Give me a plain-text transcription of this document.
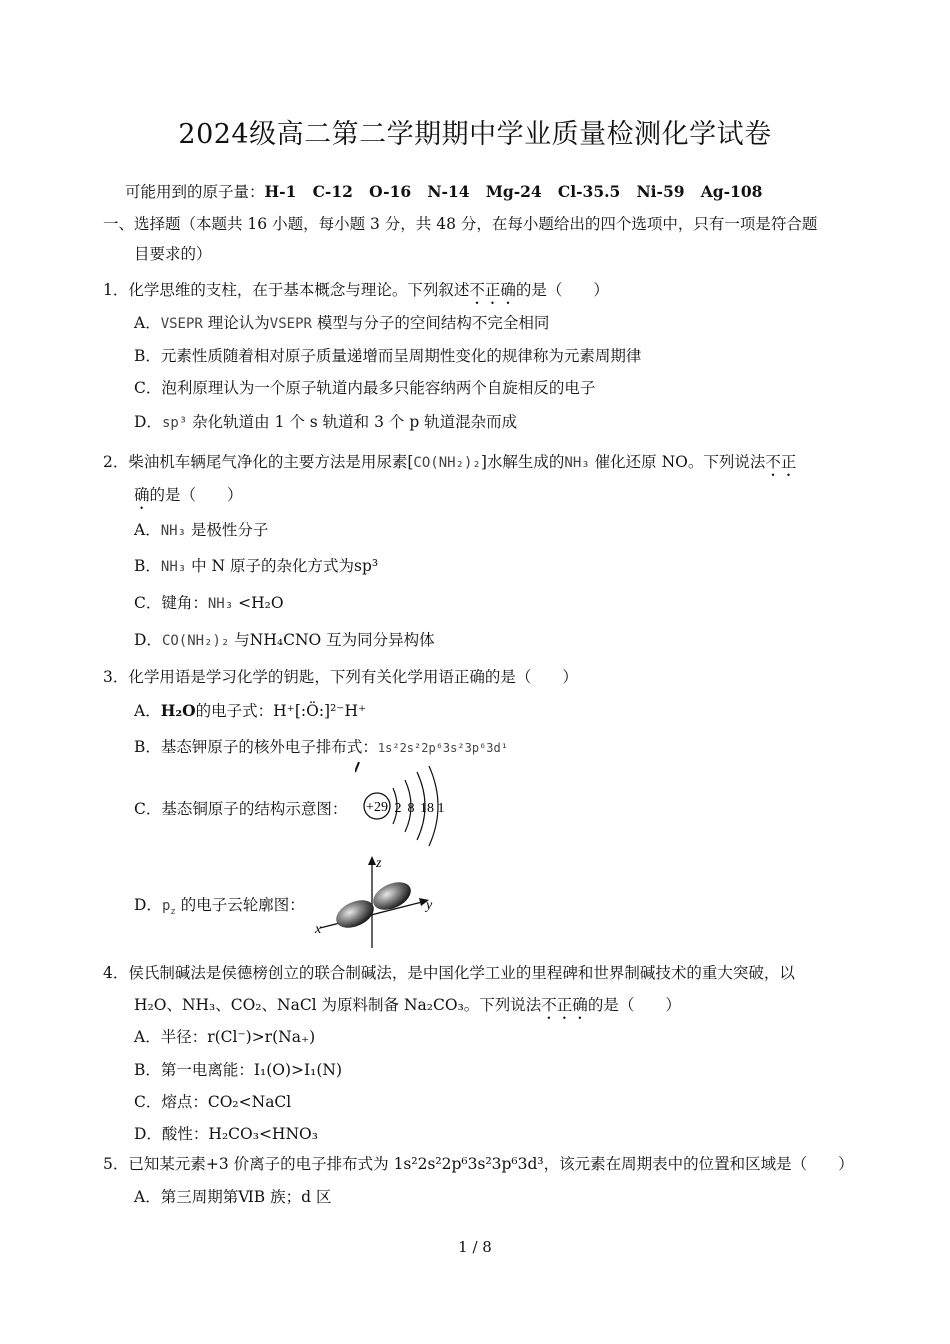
2024级高二第二学期期中学业质量检测化学试卷
可能用到的原子量：H-1   C-12   O-16   N-14   Mg-24   Cl-35.5   Ni-59   Ag-108
一、选择题（本题共 16 小题，每小题 3 分，共 48 分，在每小题给出的四个选项中，只有一项是符合题
目要求的）
1．化学思维的支柱，在于基本概念与理论。下列叙述不正确的是（　　）
A．VSEPR 理论认为VSEPR 模型与分子的空间结构不完全相同
B．元素性质随着相对原子质量递增而呈周期性变化的规律称为元素周期律
C．泡利原理认为一个原子轨道内最多只能容纳两个自旋相反的电子
D．sp³ 杂化轨道由 1 个 s 轨道和 3 个 p 轨道混杂而成
2．柴油机车辆尾气净化的主要方法是用尿素[CO(NH₂)₂]水解生成的NH₃ 催化还原 NO。下列说法不正
确的是（　　）
A．NH₃ 是极性分子
B．NH₃ 中 N 原子的杂化方式为sp³
C．键角：NH₃ <H₂O
D．CO(NH₂)₂ 与NH₄CNO 互为同分异构体
3．化学用语是学习化学的钥匙，下列有关化学用语正确的是（　　）
A．H₂O的电子式：H⁺[:Ö:]²⁻H⁺
B．基态钾原子的核外电子排布式：1s²2s²2p⁶3s²3p⁶3d¹
C．基态铜原子的结构示意图： +29 2 8 18 1
D．$p_z$ 的电子云轮廓图：
z
y
x
4．侯氏制碱法是侯德榜创立的联合制碱法，是中国化学工业的里程碑和世界制碱技术的重大突破，以
H₂O、NH₃、CO₂、NaCl 为原料制备 Na₂CO₃。下列说法不正确的是（　　）
A．半径：r(Cl⁻)>r(Na₊)
B．第一电离能：I₁(O)>I₁(N)
C．熔点：CO₂<NaCl
D．酸性：H₂CO₃<HNO₃
5．已知某元素+3 价离子的电子排布式为 1s²2s²2p⁶3s²3p⁶3d³，该元素在周期表中的位置和区域是（　　）
A．第三周期第ⅥB 族；d 区
1 / 8
